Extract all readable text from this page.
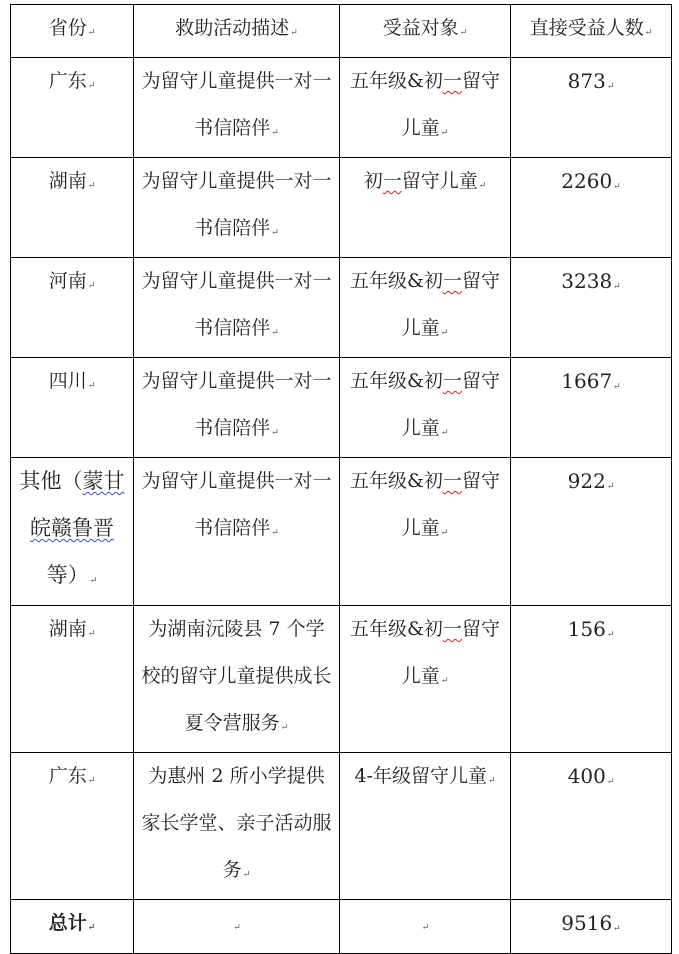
省份 ↵	救助活动描述 ↵	受益对象 ↵	直接受益人数 ↵
广东 ↵	为留守儿童提供一对一书信陪伴 ↵	五年级&初一留守儿童 ↵	873 ↵
湖南 ↵	为留守儿童提供一对一书信陪伴 ↵	初一留守儿童 ↵	2260 ↵
河南 ↵	为留守儿童提供一对一书信陪伴 ↵	五年级&初一留守儿童 ↵	3238 ↵
四川 ↵	为留守儿童提供一对一书信陪伴 ↵	五年级&初一留守儿童 ↵	1667 ↵
其他（蒙甘皖赣鲁晋等） ↵	为留守儿童提供一对一书信陪伴 ↵	五年级&初一留守儿童 ↵	922 ↵
湖南 ↵	为湖南沅陵县 7 个学校的留守儿童提供成长夏令营服务 ↵	五年级&初一留守儿童 ↵	156 ↵
广东 ↵	为惠州 2 所小学提供家长学堂、亲子活动服务 ↵	4-年级留守儿童 ↵	400 ↵
总计 ↵	↵	↵	9516 ↵
